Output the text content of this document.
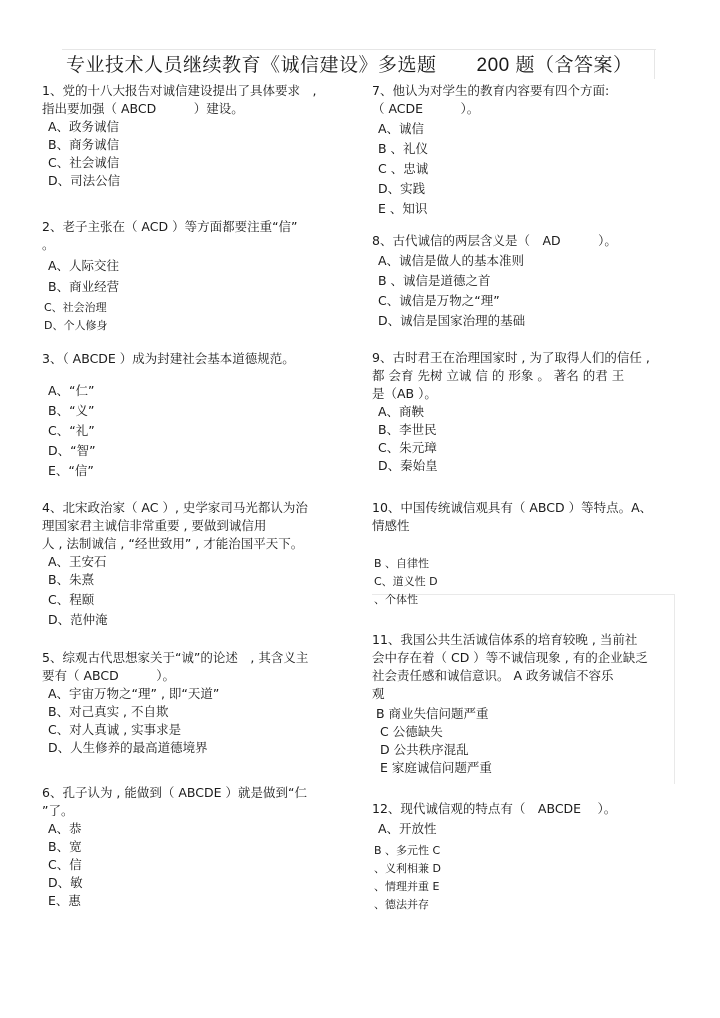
专业技术人员继续教育《诚信建设》多选题 200 题（含答案）

1、党的十八大报告对诚信建设提出了具体要求　,
指出要加强（ ABCD　　　）建设。

A、政务诚信

B、商务诚信

C、社会诚信

D、司法公信

2、老子主张在（ ACD ）等方面都要注重“信”
。

A、人际交往

B、商业经营

C、社会治理

D、个人修身

3、（ ABCDE ）成为封建社会基本道德规范。

A、“仁”

B、“义”

C、“礼”

D、“智”

E、“信”

4、北宋政治家（ AC ）, 史学家司马光都认为治
理国家君主诚信非常重要 , 要做到诚信用
人 , 法制诚信 , “经世致用” , 才能治国平天下。

A、王安石

B、朱熹

C、程颐

D、范仲淹

5、综观古代思想家关于“诚”的论述　, 其含义主
要有（ ABCD　　　）。

A、宇宙万物之“理” , 即“天道”

B、对己真实 , 不自欺

C、对人真诚 , 实事求是

D、人生修养的最高道德境界

6、孔子认为 , 能做到（ ABCDE ）就是做到“仁
”了。

A、恭

B、宽

C、信

D、敏

E、惠

7、他认为对学生的教育内容要有四个方面:
（ ACDE　　　）。

A、诚信

B 、礼仪

C 、忠诚

D、实践

E 、知识

8、古代诚信的两层含义是（　AD　　　）。

A、诚信是做人的基本准则

B 、诚信是道德之首

C、诚信是万物之“理”

D、诚信是国家治理的基础

9、古时君王在治理国家时 , 为了取得人们的信任 ,
都 会育 先树 立诚 信 的 形象 。 著名 的君 王
是（AB ）。

A、商鞅

B、李世民

C、朱元璋

D、秦始皇

10、中国传统诚信观具有（ ABCD ）等特点。A、
情感性

B 、自律性

C、道义性 D

、个体性

11、我国公共生活诚信体系的培育较晚 , 当前社
会中存在着（ CD ）等不诚信现象 , 有的企业缺乏
社会责任感和诚信意识。 A 政务诚信不容乐
观

B 商业失信问题严重

C 公德缺失

D 公共秩序混乱

E 家庭诚信问题严重

12、现代诚信观的特点有（　ABCDE　 ）。

A、开放性

B 、多元性 C

、义利相兼 D

、情理并重 E

、德法并存
